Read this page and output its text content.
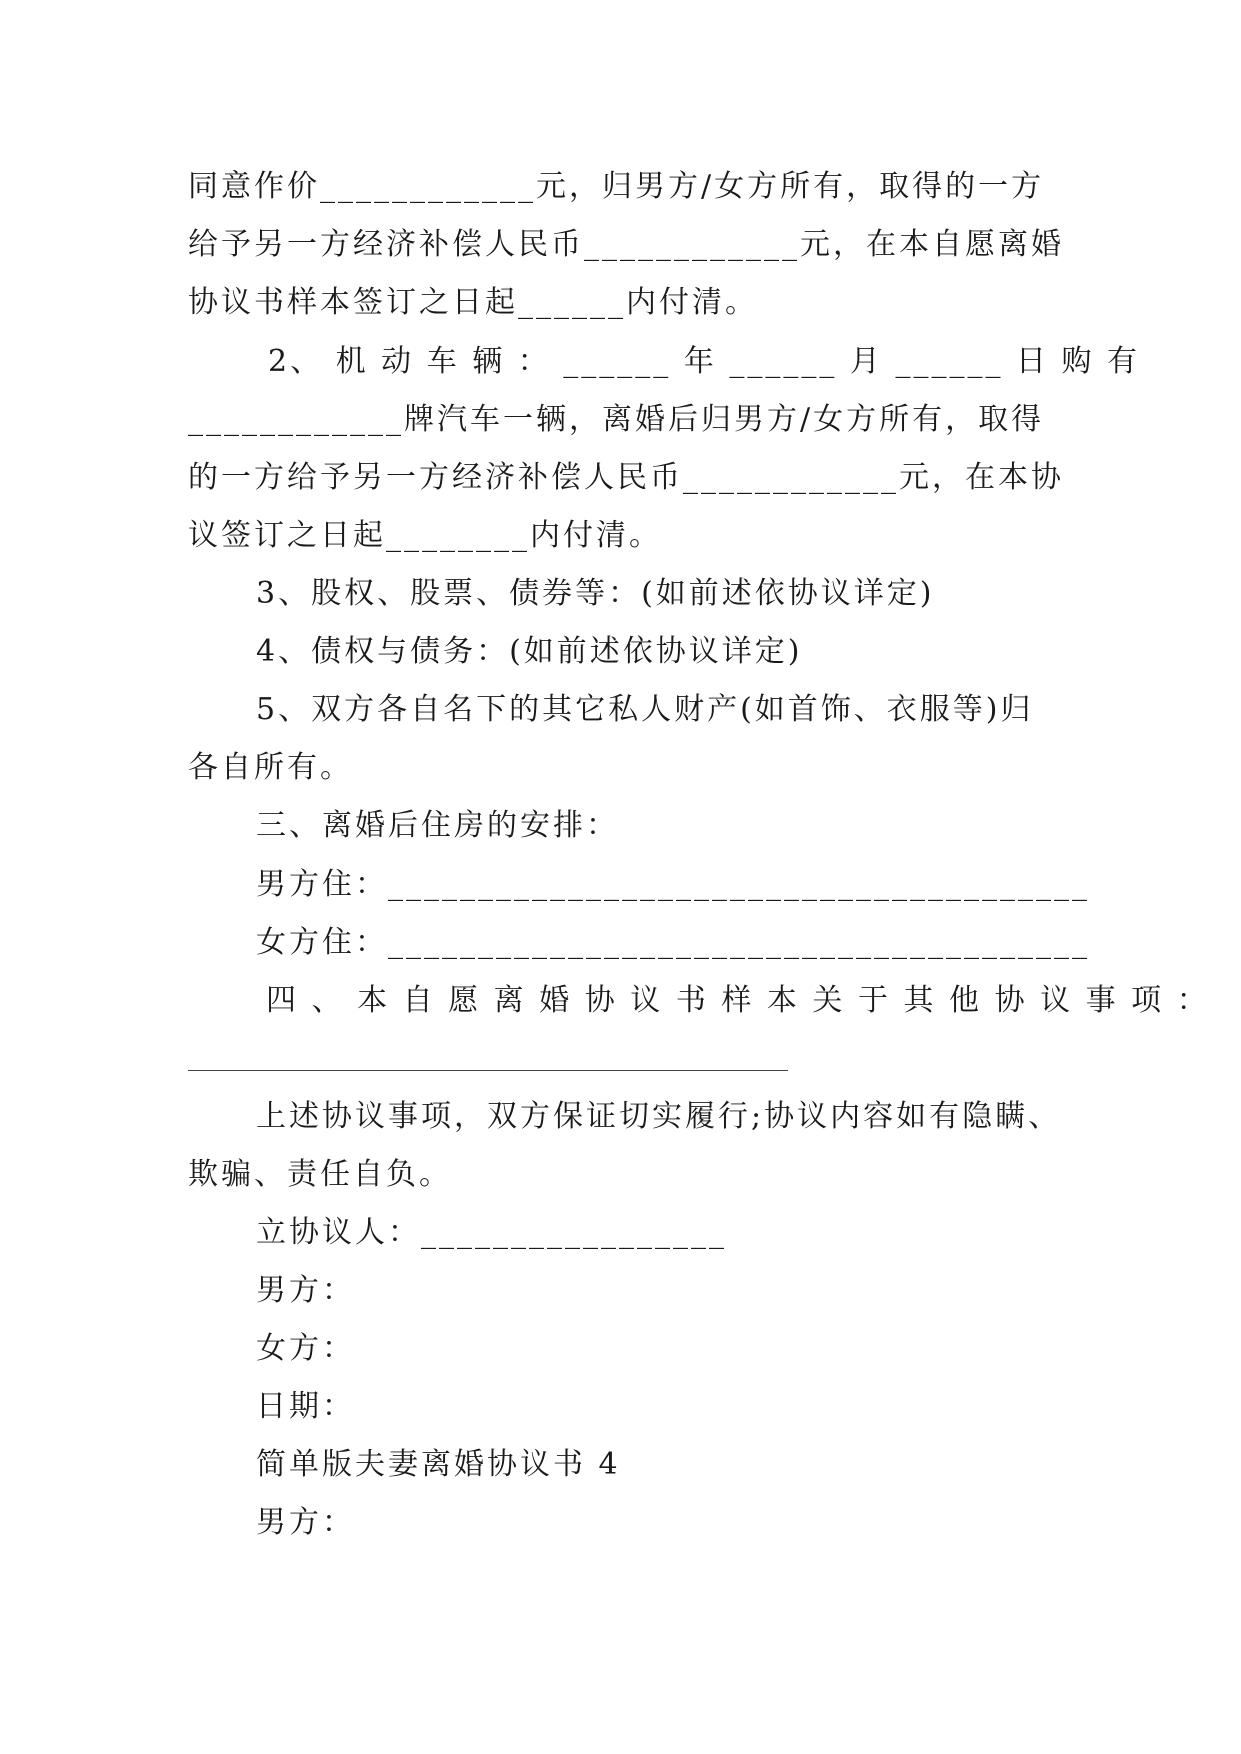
同意作价____________元，归男方/女方所有，取得的一方
给予另一方经济补偿人民币____________元，在本自愿离婚
协议书样本签订之日起______内付清。
2、 机 动 车 辆 ： ______ 年 ______ 月 ______ 日 购 有
____________牌汽车一辆，离婚后归男方/女方所有，取得
的一方给予另一方经济补偿人民币____________元，在本协
议签订之日起________内付清。
3、股权、股票、债券等：(如前述依协议详定)
4、债权与债务：(如前述依协议详定)
5、双方各自名下的其它私人财产(如首饰、衣服等)归
各自所有。
三、离婚后住房的安排：
男方住：_______________________________________
女方住：_______________________________________
四 、 本 自 愿 离 婚 协 议 书 样 本 关 于 其 他 协 议 事 项 ：
上述协议事项，双方保证切实履行;协议内容如有隐瞒、
欺骗、责任自负。
立协议人：_________________
男方：
女方：
日期：
简单版夫妻离婚协议书 4
男方：
